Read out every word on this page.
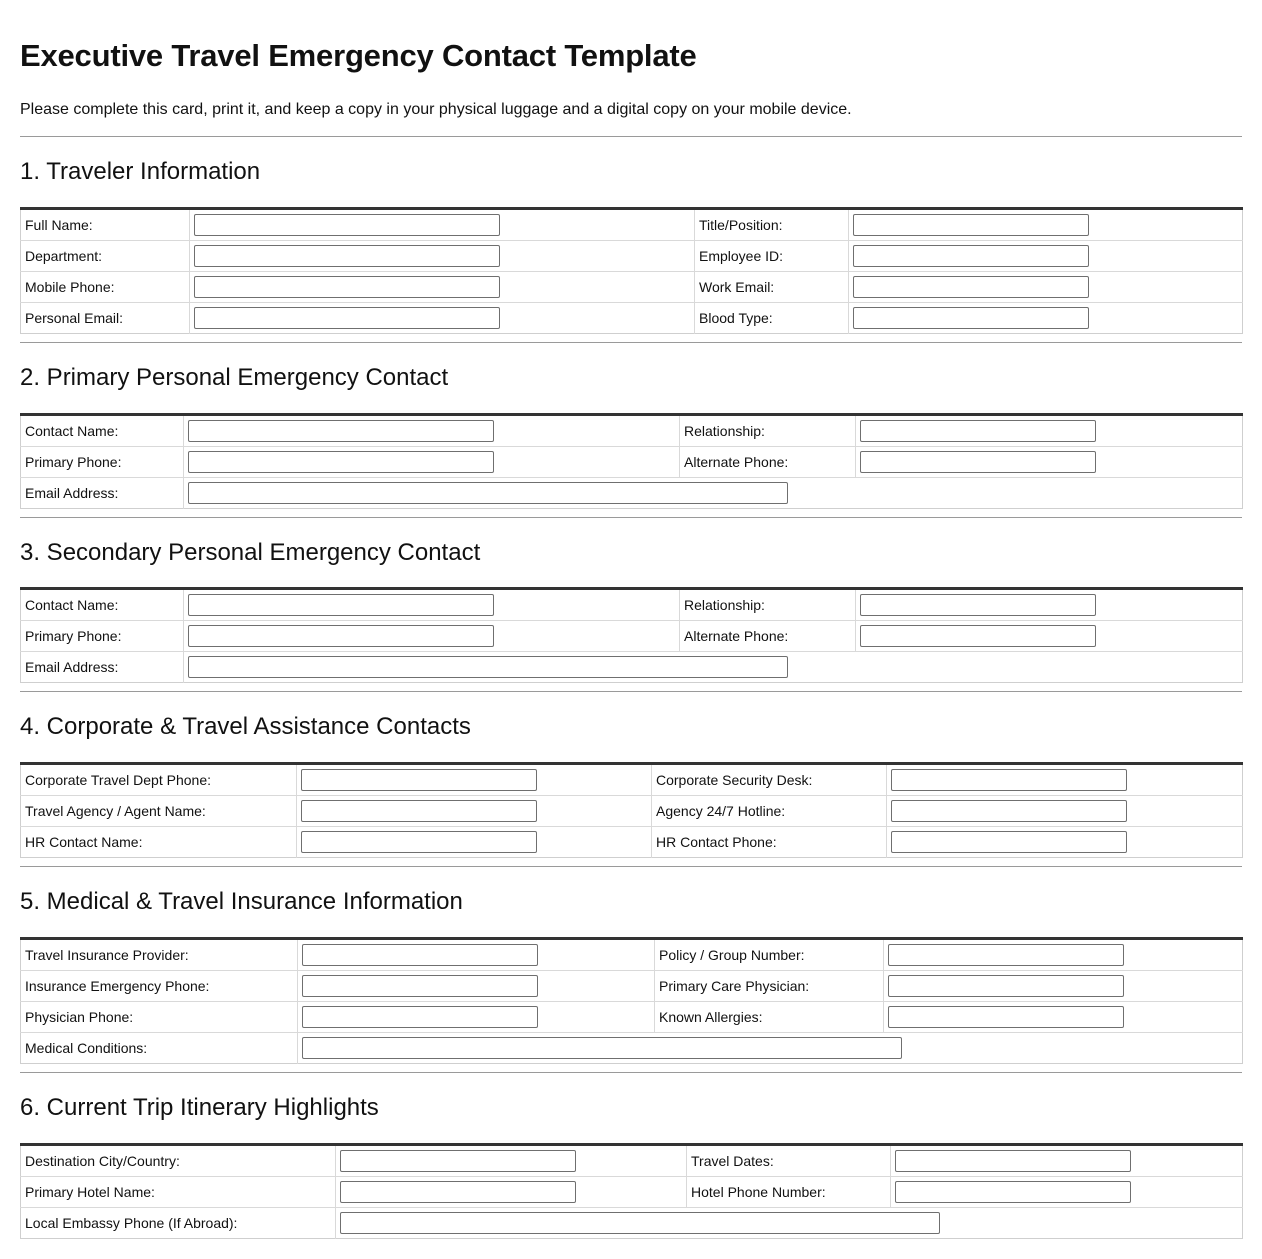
Executive Travel Emergency Contact Template

Please complete this card, print it, and keep a copy in your physical luggage and a digital copy on your mobile device.

1. Traveler Information
Full Name:		Title/Position:	

Department:		Employee ID:	

Mobile Phone:		Work Email:	

Personal Email:		Blood Type:	
2. Primary Personal Emergency Contact
Contact Name:		Relationship:	

Primary Phone:		Alternate Phone:	

Email Address:	
3. Secondary Personal Emergency Contact
Contact Name:		Relationship:	

Primary Phone:		Alternate Phone:	

Email Address:	
4. Corporate & Travel Assistance Contacts
Corporate Travel Dept Phone:		Corporate Security Desk:	

Travel Agency / Agent Name:		Agency 24/7 Hotline:	

HR Contact Name:		HR Contact Phone:	
5. Medical & Travel Insurance Information
Travel Insurance Provider:		Policy / Group Number:	

Insurance Emergency Phone:		Primary Care Physician:	

Physician Phone:		Known Allergies:	

Medical Conditions:	
6. Current Trip Itinerary Highlights
Destination City/Country:		Travel Dates:	

Primary Hotel Name:		Hotel Phone Number:	

Local Embassy Phone (If Abroad):	
